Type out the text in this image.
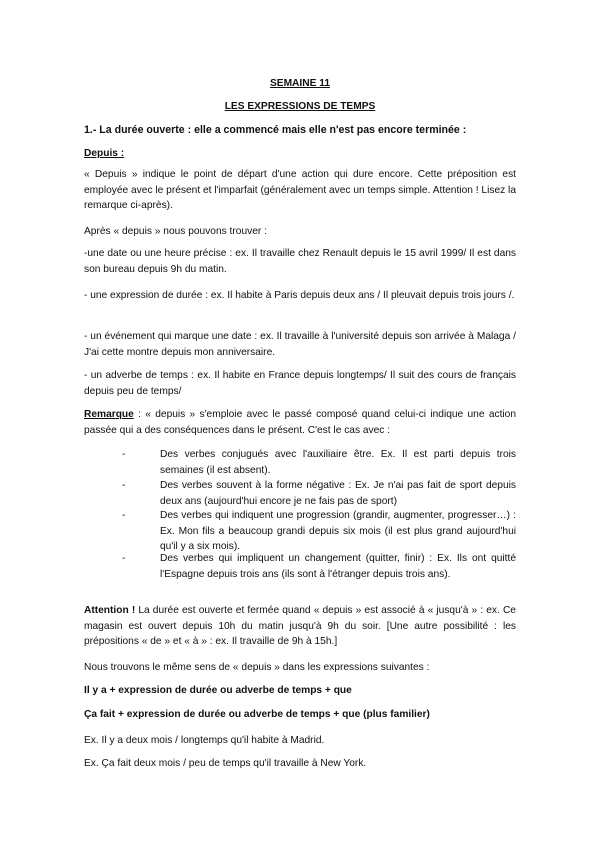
SEMAINE 11

LES EXPRESSIONS DE TEMPS

1.- La durée ouverte : elle a commencé mais elle n'est pas encore terminée :

Depuis :

« Depuis » indique le point de départ d'une action qui dure encore. Cette préposition est employée avec le présent et l'imparfait (généralement avec un temps simple. Attention ! Lisez la remarque ci-après).

Après « depuis » nous pouvons trouver :

-une date ou une heure précise : ex. Il travaille chez Renault depuis le 15 avril 1999/ Il est dans son bureau depuis 9h du matin.

- une expression de durée : ex. Il habite à Paris depuis deux ans / Il pleuvait depuis trois jours /.

- un événement qui marque une date : ex. Il travaille à l'université depuis son arrivée à Malaga / J'ai cette montre depuis mon anniversaire.

- un adverbe de temps : ex. Il habite en France depuis longtemps/ Il suit des cours de français depuis peu de temps/

Remarque : « depuis » s'emploie avec le passé composé quand celui-ci indique une action passée qui a des conséquences dans le présent. C'est le cas avec :

-	Des verbes conjugués avec l'auxiliaire être. Ex. Il est parti depuis trois semaines (il est absent).
-	Des verbes souvent à la forme négative : Ex. Je n'ai pas fait de sport depuis deux ans (aujourd'hui encore je ne fais pas de sport)
-	Des verbes qui indiquent une progression (grandir, augmenter, progresser…) : Ex. Mon fils a beaucoup grandi depuis six mois (il est plus grand aujourd'hui qu'il y a six mois).
-	Des verbes qui impliquent un changement (quitter, finir) : Ex. Ils ont quitté l'Espagne depuis trois ans (ils sont à l'étranger depuis trois ans).

Attention ! La durée est ouverte et fermée quand « depuis » est associé à « jusqu'à » : ex. Ce magasin est ouvert depuis 10h du matin jusqu'à 9h du soir. [Une autre possibilité : les prépositions « de » et « à » : ex. Il travaille de 9h à 15h.]

Nous trouvons le même sens de « depuis » dans les expressions suivantes :

Il y a + expression de durée ou adverbe de temps + que

Ça fait + expression de durée ou adverbe de temps + que (plus familier)

Ex. Il y a deux mois / longtemps qu'il habite à Madrid.

Ex. Ça fait deux mois / peu de temps qu'il travaille à New York.
